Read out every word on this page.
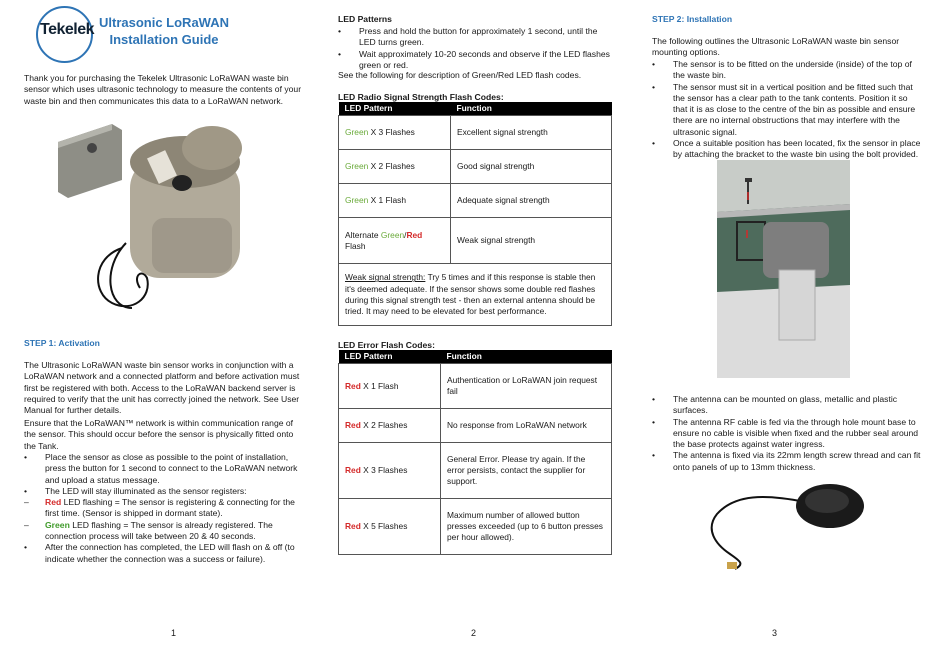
Tekelek Ultrasonic LoRaWAN
Installation Guide

Thank you for purchasing the Tekelek Ultrasonic LoRaWAN waste bin sensor which uses ultrasonic technology to measure the contents of your waste bin and then communicates this data to a LoRaWAN network.

STEP 1: Activation

The Ultrasonic LoRaWAN waste bin sensor works in conjunction with a LoRaWAN network and a connected platform and before activation must first be registered with both. Access to the LoRaWAN backend server is required to verify that the unit has correctly joined the network. See User Manual for further details.

Ensure that the LoRaWAN™ network is within communication range of the sensor. This should occur before the sensor is physically fitted onto the Tank.

• Place the sensor as close as possible to the point of installation, press the button for 1 second to connect to the LoRaWAN network and upload a status message.
• The LED will stay illuminated as the sensor registers:
– Red LED flashing = The sensor is registering & connecting for the first time. (Sensor is shipped in dormant state).
– Green LED flashing = The sensor is already registered. The connection process will take between 20 & 40 seconds.
• After the connection has completed, the LED will flash on & off (to indicate whether the connection was a success or failure).
1
LED Patterns
• Press and hold the button for approximately 1 second, until the LED turns green.
• Wait approximately 10-20 seconds and observe if the LED flashes green or red.

See the following for description of Green/Red LED flash codes.

LED Radio Signal Strength Flash Codes:
LED Pattern	Function
Green X 3 Flashes	Excellent signal strength
Green X 2 Flashes	Good signal strength
Green X 1 Flash	Adequate signal strength
Alternate Green/Red
Flash	Weak signal strength
Weak signal strength: Try 5 times and if this response is stable then it's deemed adequate. If the sensor shows some double red flashes during this signal strength test - then an external antenna should be tried. It may need to be elevated for best performance.	
LED Error Flash Codes:
LED Pattern	Function
Red X 1 Flash	Authentication or LoRaWAN join request fail
Red X 2 Flashes	No response from LoRaWAN network
Red X 3 Flashes	General Error. Please try again. If the error persists, contact the supplier for support.
Red X 5 Flashes	Maximum number of allowed button presses exceeded (up to 6 button presses per hour allowed).
2
STEP 2: Installation

The following outlines the Ultrasonic LoRaWAN waste bin sensor mounting options.

• The sensor is to be fitted on the underside (inside) of the top of the waste bin.
• The sensor must sit in a vertical position and be fitted such that the sensor has a clear path to the tank contents. Position it so that it is as close to the centre of the bin as possible and ensure there are no internal obstructions that may interfere with the ultrasonic signal.
• Once a suitable position has been located, fix the sensor in place by attaching the bracket to the waste bin using the bolt provided.
• The antenna can be mounted on glass, metallic and plastic surfaces.
• The antenna RF cable is fed via the through hole mount base to ensure no cable is visible when fixed and the rubber seal around the base protects against water ingress.
• The antenna is fixed via its 22mm length screw thread and can fit onto panels of up to 13mm thickness.
3
